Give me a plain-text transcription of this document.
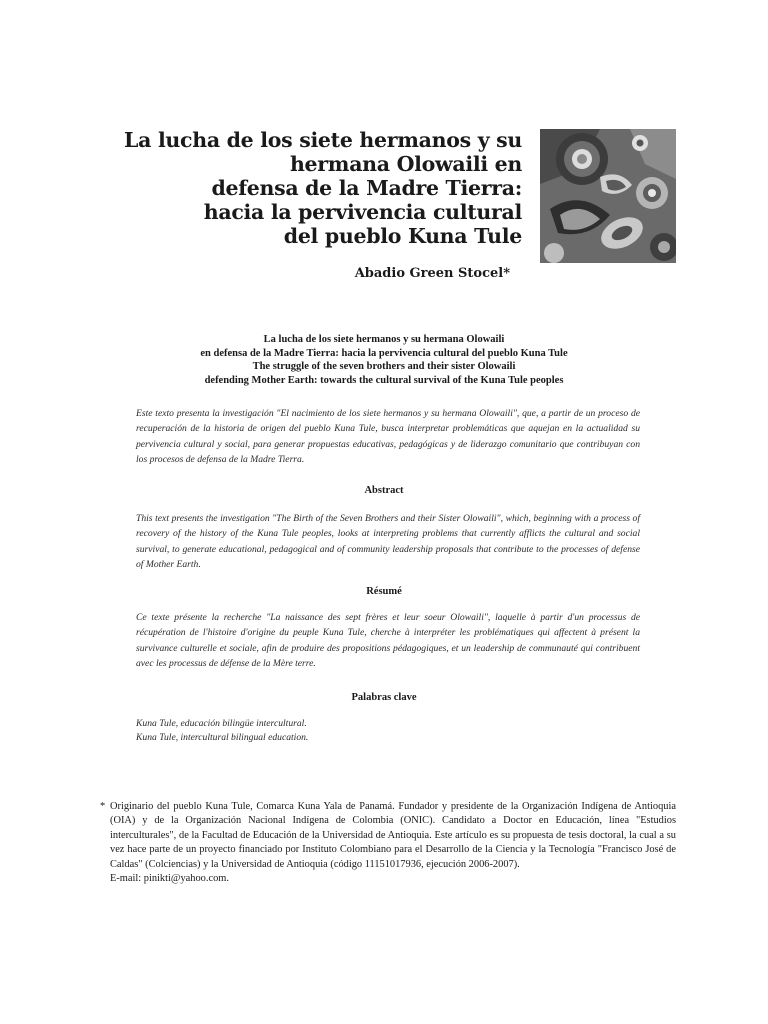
La lucha de los siete hermanos y su
hermana Olowaili en
defensa de la Madre Tierra:
hacia la pervivencia cultural
del pueblo Kuna Tule
Abadio Green Stocel*
La lucha de los siete hermanos y su hermana Olowaili
en defensa de la Madre Tierra: hacia la pervivencia cultural del pueblo Kuna Tule
The struggle of the seven brothers and their sister Olowaili
defending Mother Earth: towards the cultural survival of the Kuna Tule peoples
Este texto presenta la investigación "El nacimiento de los siete hermanos y su hermana Olowaili", que, a partir de un proceso de recuperación de la historia de origen del pueblo Kuna Tule, busca interpretar problemáticas que aquejan en la actualidad su pervivencia cultural y social, para generar propuestas educativas, pedagógicas y de liderazgo comunitario que contribuyan con los procesos de defensa de la Madre Tierra.
Abstract
This text presents the investigation "The Birth of the Seven Brothers and their Sister Olowaili", which, beginning with a process of recovery of the history of the Kuna Tule peoples, looks at interpreting problems that currently afflicts the cultural and social survival, to generate educational, pedagogical and of community leadership proposals that contribute to the processes of defense of Mother Earth.
Résumé
Ce texte présente la recherche "La naissance des sept frères et leur soeur Olowaili", laquelle à partir d'un processus de récupération de l'histoire d'origine du peuple Kuna Tule, cherche à interpréter les problématiques qui affectent à présent la survivance culturelle et sociale, afin de produire des propositions pédagogiques, et un leadership de communauté qui contribuent avec les processus de défense de la Mère terre.
Palabras clave
Kuna Tule, educación bilingüe intercultural.
Kuna Tule, intercultural bilingual education.
* Originario del pueblo Kuna Tule, Comarca Kuna Yala de Panamá. Fundador y presidente de la Organización Indígena de Antioquia (OIA) y de la Organización Nacional Indígena de Colombia (ONIC). Candidato a Doctor en Educación, línea "Estudios interculturales", de la Facultad de Educación de la Universidad de Antioquia. Este artículo es su propuesta de tesis doctoral, la cual a su vez hace parte de un proyecto financiado por Instituto Colombiano para el Desarrollo de la Ciencia y la Tecnología "Francisco José de Caldas" (Colciencias) y la Universidad de Antioquia (código 11151017936, ejecución 2006-2007).
E-mail: pinikti@yahoo.com.
